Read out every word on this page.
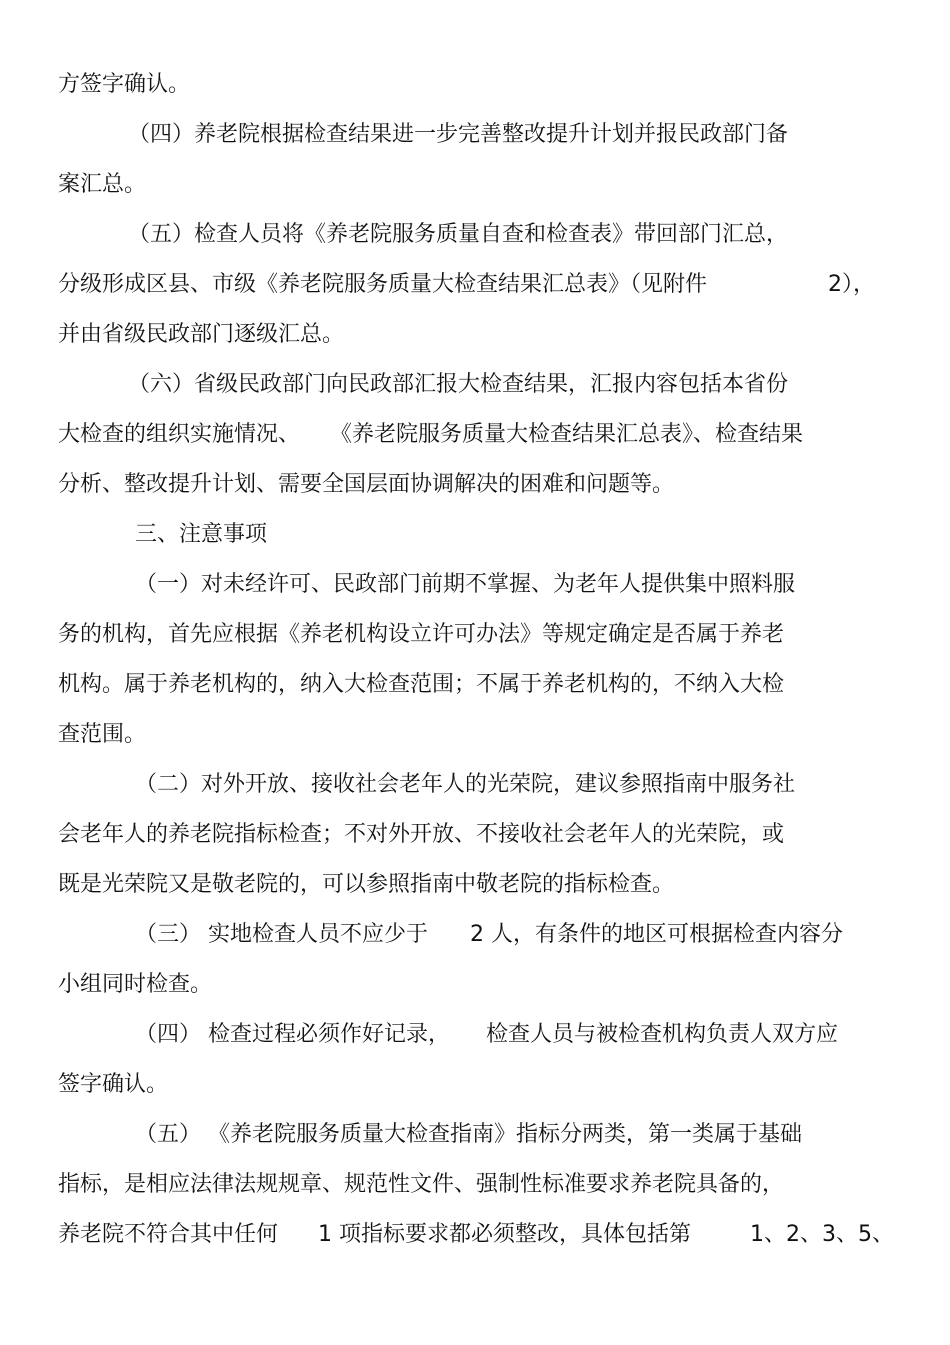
方签字确认。
（四）养老院根据检查结果进一步完善整改提升计划并报民政部门备
案汇总。
（五）检查人员将《养老院服务质量自查和检查表》带回部门汇总，
分级形成区县、市级《养老院服务质量大检查结果汇总表》（见附件	2），
并由省级民政部门逐级汇总。
（六）省级民政部门向民政部汇报大检查结果，汇报内容包括本省份
大检查的组织实施情况、 《养老院服务质量大检查结果汇总表》、检查结果
分析、整改提升计划、需要全国层面协调解决的困难和问题等。
三、注意事项
（一）对未经许可、民政部门前期不掌握、为老年人提供集中照料服
务的机构，首先应根据《养老机构设立许可办法》等规定确定是否属于养老
机构。属于养老机构的，纳入大检查范围；不属于养老机构的，不纳入大检
查范围。
（二）对外开放、接收社会老年人的光荣院，建议参照指南中服务社
会老年人的养老院指标检查；不对外开放、不接收社会老年人的光荣院，或
既是光荣院又是敬老院的，可以参照指南中敬老院的指标检查。
（三） 实地检查人员不应少于 2 人，有条件的地区可根据检查内容分
小组同时检查。
（四） 检查过程必须作好记录， 检查人员与被检查机构负责人双方应
签字确认。
（五） 《养老院服务质量大检查指南》指标分两类，第一类属于基础
指标，是相应法律法规规章、规范性文件、强制性标准要求养老院具备的，
养老院不符合其中任何 1 项指标要求都必须整改，具体包括第	1、2、3、5、
